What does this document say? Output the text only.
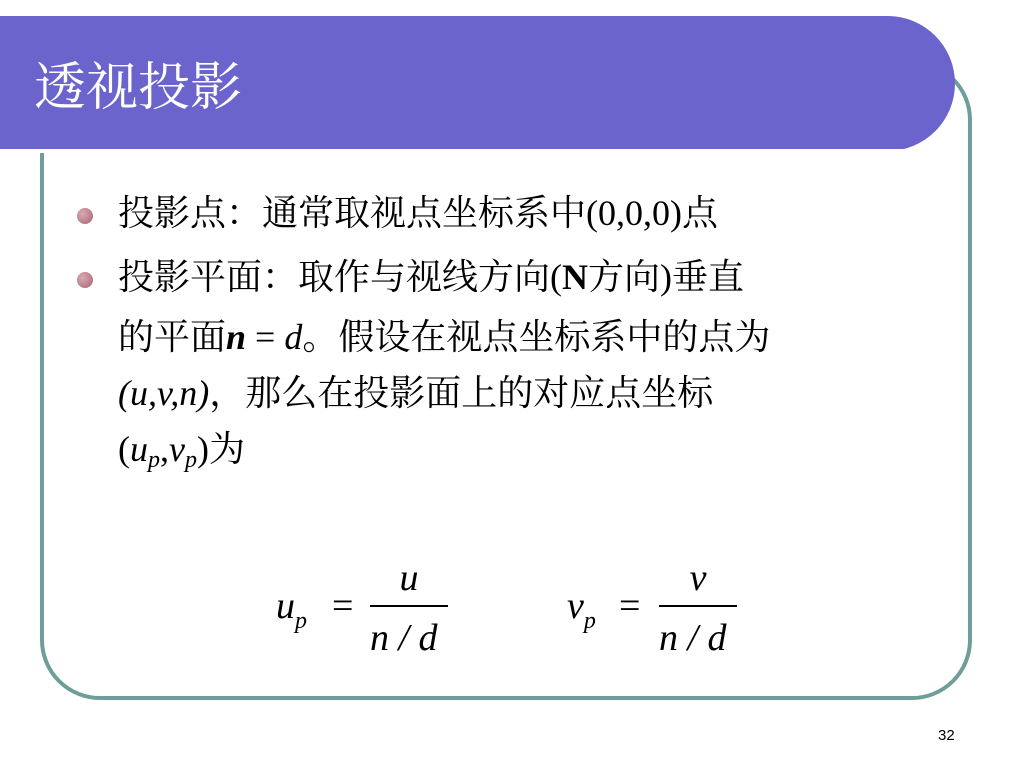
透视投影
投影点：通常取视点坐标系中(0,0,0)点
投影平面：取作与视线方向(N方向)垂直
的平面n = d。假设在视点坐标系中的点为
(u,v,n)，那么在投影面上的对应点坐标
$(u_p,v_p)$为
$u_p$ =
u
n / d
$v_p$ =
v
n / d
32
